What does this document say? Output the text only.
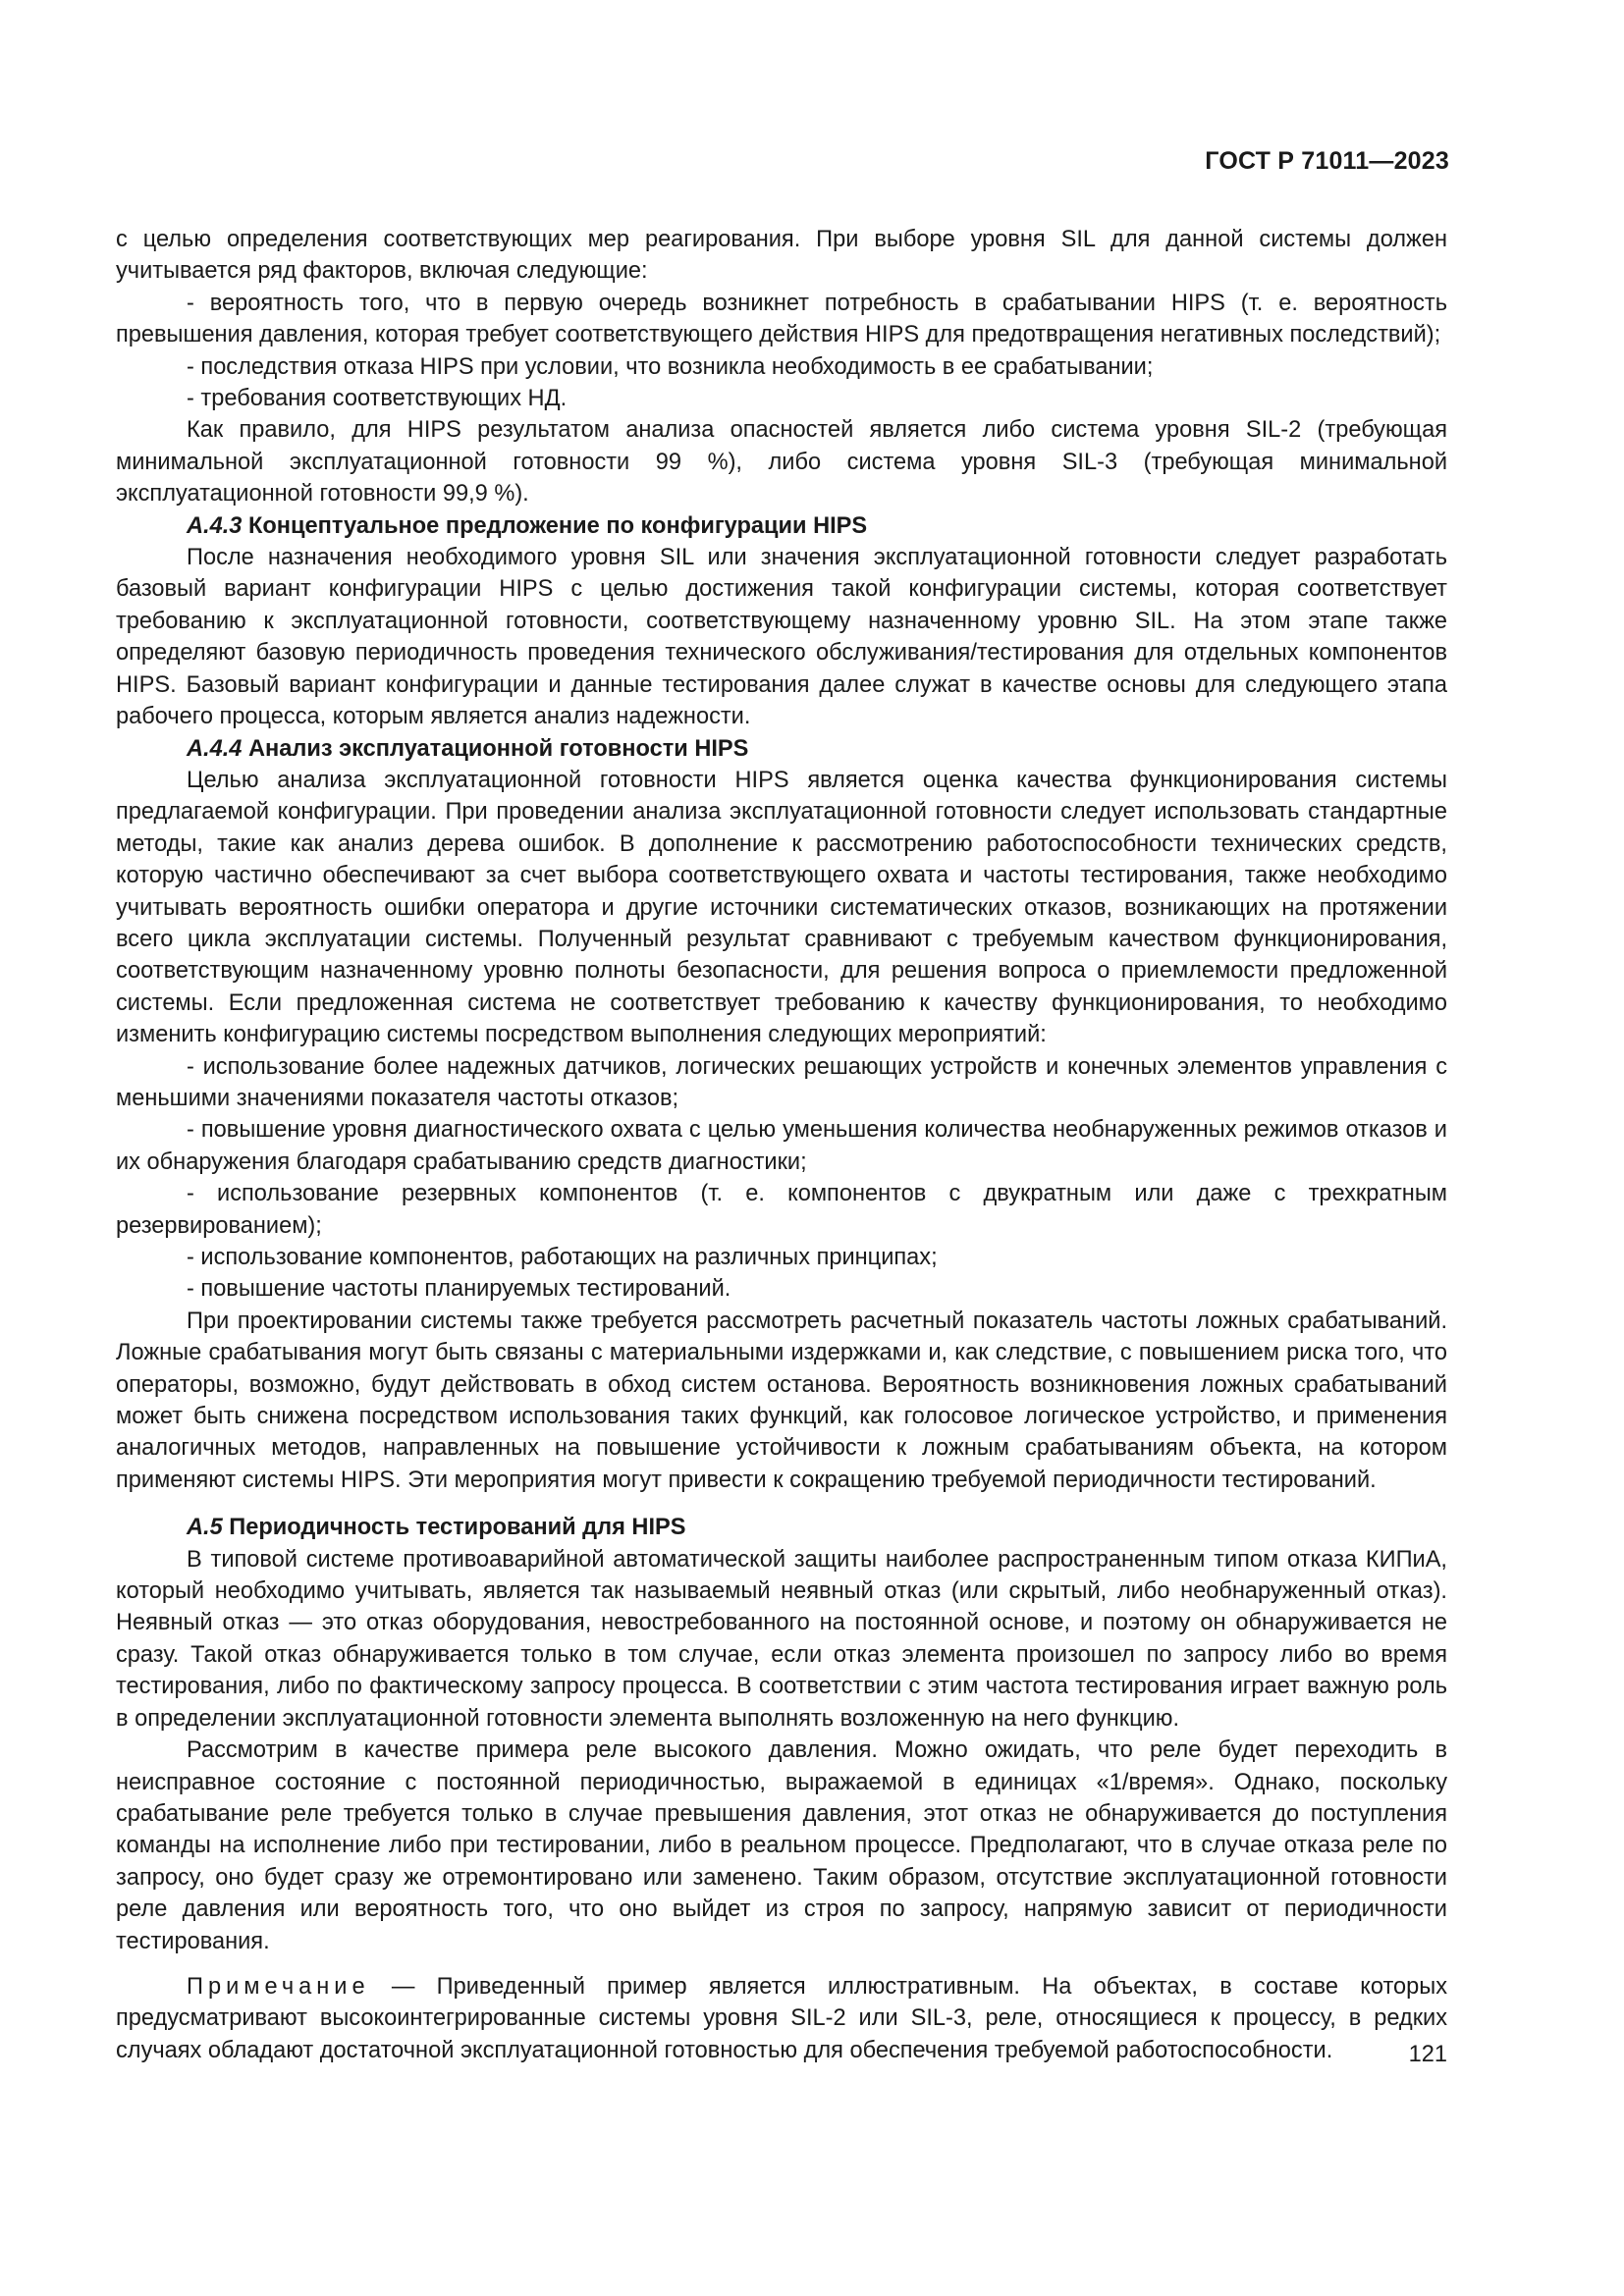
ГОСТ Р 71011—2023

с целью определения соответствующих мер реагирования. При выборе уровня SIL для данной системы должен учитывается ряд факторов, включая следующие:

- вероятность того, что в первую очередь возникнет потребность в срабатывании HIPS (т. е. вероятность превышения давления, которая требует соответствующего действия HIPS для предотвращения негативных последствий);

- последствия отказа HIPS при условии, что возникла необходимость в ее срабатывании;

- требования соответствующих НД.

Как правило, для HIPS результатом анализа опасностей является либо система уровня SIL-2 (требующая минимальной эксплуатационной готовности 99 %), либо система уровня SIL-3 (требующая минимальной эксплуатационной готовности 99,9 %).

А.4.3 Концептуальное предложение по конфигурации HIPS

После назначения необходимого уровня SIL или значения эксплуатационной готовности следует разработать базовый вариант конфигурации HIPS с целью достижения такой конфигурации системы, которая соответствует требованию к эксплуатационной готовности, соответствующему назначенному уровню SIL. На этом этапе также определяют базовую периодичность проведения технического обслуживания/тестирования для отдельных компонентов HIPS. Базовый вариант конфигурации и данные тестирования далее служат в качестве основы для следующего этапа рабочего процесса, которым является анализ надежности.

А.4.4 Анализ эксплуатационной готовности HIPS

Целью анализа эксплуатационной готовности HIPS является оценка качества функционирования системы предлагаемой конфигурации. При проведении анализа эксплуатационной готовности следует использовать стандартные методы, такие как анализ дерева ошибок. В дополнение к рассмотрению работоспособности технических средств, которую частично обеспечивают за счет выбора соответствующего охвата и частоты тестирования, также необходимо учитывать вероятность ошибки оператора и другие источники систематических отказов, возникающих на протяжении всего цикла эксплуатации системы. Полученный результат сравнивают с требуемым качеством функционирования, соответствующим назначенному уровню полноты безопасности, для решения вопроса о приемлемости предложенной системы. Если предложенная система не соответствует требованию к качеству функционирования, то необходимо изменить конфигурацию системы посредством выполнения следующих мероприятий:

- использование более надежных датчиков, логических решающих устройств и конечных элементов управления с меньшими значениями показателя частоты отказов;

- повышение уровня диагностического охвата с целью уменьшения количества необнаруженных режимов отказов и их обнаружения благодаря срабатыванию средств диагностики;

- использование резервных компонентов (т. е. компонентов с двукратным или даже с трехкратным резервированием);

- использование компонентов, работающих на различных принципах;

- повышение частоты планируемых тестирований.

При проектировании системы также требуется рассмотреть расчетный показатель частоты ложных срабатываний. Ложные срабатывания могут быть связаны с материальными издержками и, как следствие, с повышением риска того, что операторы, возможно, будут действовать в обход систем останова. Вероятность возникновения ложных срабатываний может быть снижена посредством использования таких функций, как голосовое логическое устройство, и применения аналогичных методов, направленных на повышение устойчивости к ложным срабатываниям объекта, на котором применяют системы HIPS. Эти мероприятия могут привести к сокращению требуемой периодичности тестирований.

А.5 Периодичность тестирований для HIPS

В типовой системе противоаварийной автоматической защиты наиболее распространенным типом отказа КИПиА, который необходимо учитывать, является так называемый неявный отказ (или скрытый, либо необнаруженный отказ). Неявный отказ — это отказ оборудования, невостребованного на постоянной основе, и поэтому он обнаруживается не сразу. Такой отказ обнаруживается только в том случае, если отказ элемента произошел по запросу либо во время тестирования, либо по фактическому запросу процесса. В соответствии с этим частота тестирования играет важную роль в определении эксплуатационной готовности элемента выполнять возложенную на него функцию.

Рассмотрим в качестве примера реле высокого давления. Можно ожидать, что реле будет переходить в неисправное состояние с постоянной периодичностью, выражаемой в единицах «1/время». Однако, поскольку срабатывание реле требуется только в случае превышения давления, этот отказ не обнаруживается до поступления команды на исполнение либо при тестировании, либо в реальном процессе. Предполагают, что в случае отказа реле по запросу, оно будет сразу же отремонтировано или заменено. Таким образом, отсутствие эксплуатационной готовности реле давления или вероятность того, что оно выйдет из строя по запросу, напрямую зависит от периодичности тестирования.

Примечание — Приведенный пример является иллюстративным. На объектах, в составе которых предусматривают высокоинтегрированные системы уровня SIL-2 или SIL-3, реле, относящиеся к процессу, в редких случаях обладают достаточной эксплуатационной готовностью для обеспечения требуемой работоспособности.	121
